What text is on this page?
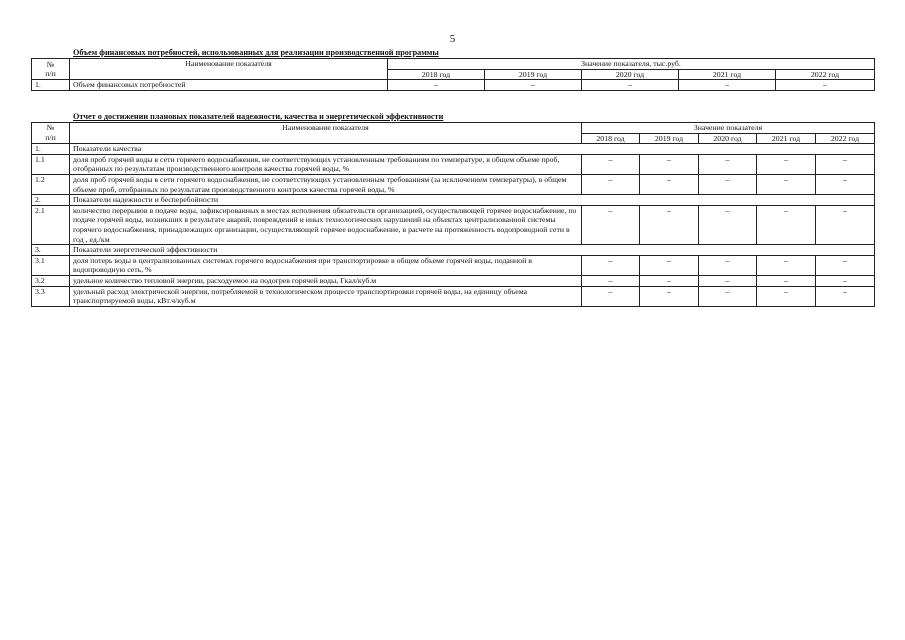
5
Объем финансовых потребностей, использованных для реализации производственной программы
№
п/п	Наименование показателя	Значение показателя, тыс.руб.				
		2018 год	2019 год	2020 год	2021 год	2022 год
1.	Объем финансовых потребностей	–	–	–	–	–
Отчет о достижении плановых показателей надежности, качества и энергетической эффективности
№
п/п	Наименование показателя	Значение показателя				
		2018 год	2019 год	2020 год	2021 год	2022 год
1.	Показатели качества					
1.1	доля проб горячей воды в сети горячего водоснабжения, не соответствующих установленным требованиям по температуре, в общем объеме проб, отобранных по результатам производственного контроля качества горячей воды, %	–	–	–	–	–
1.2	доля проб горячей воды в сети горячего водоснабжения, не соответствующих установленным требованиям (за исключением температуры), в общем объеме проб, отобранных по результатам производственного контроля качества горячей воды, %	–	–	–	–	–
2.	Показатели надежности и бесперебойности					
2.1	количество перерывов в подаче воды, зафиксированных в местах исполнения обязательств организацией, осуществляющей горячее водоснабжение, по подаче горячей воды, возникших в результате аварий, повреждений и иных технологических нарушений на объектах централизованной системы горячего водоснабжения, принадлежащих организации, осуществляющей горячее водоснабжение, в расчете на протяженность водопроводной сети в год , ед./км	–	–	–	–	–
3.	Показатели энергетической эффективности					
3.1	доля потерь воды в централизованных системах горячего водоснабжения при транспортировке в общем объеме горячей воды, поданной в водопроводную сеть, %	–	–	–	–	–
3.2	удельное количество тепловой энергии, расходуемое на подогрев горячей воды, Гкал/куб.м	–	–	–	–	–
3.3	удельный расход электрической энергии, потребляемой в технологическом процессе транспортировки горячей воды, на единицу объема транспортируемой воды, кВт.ч/куб.м	–	–	–	–	–
